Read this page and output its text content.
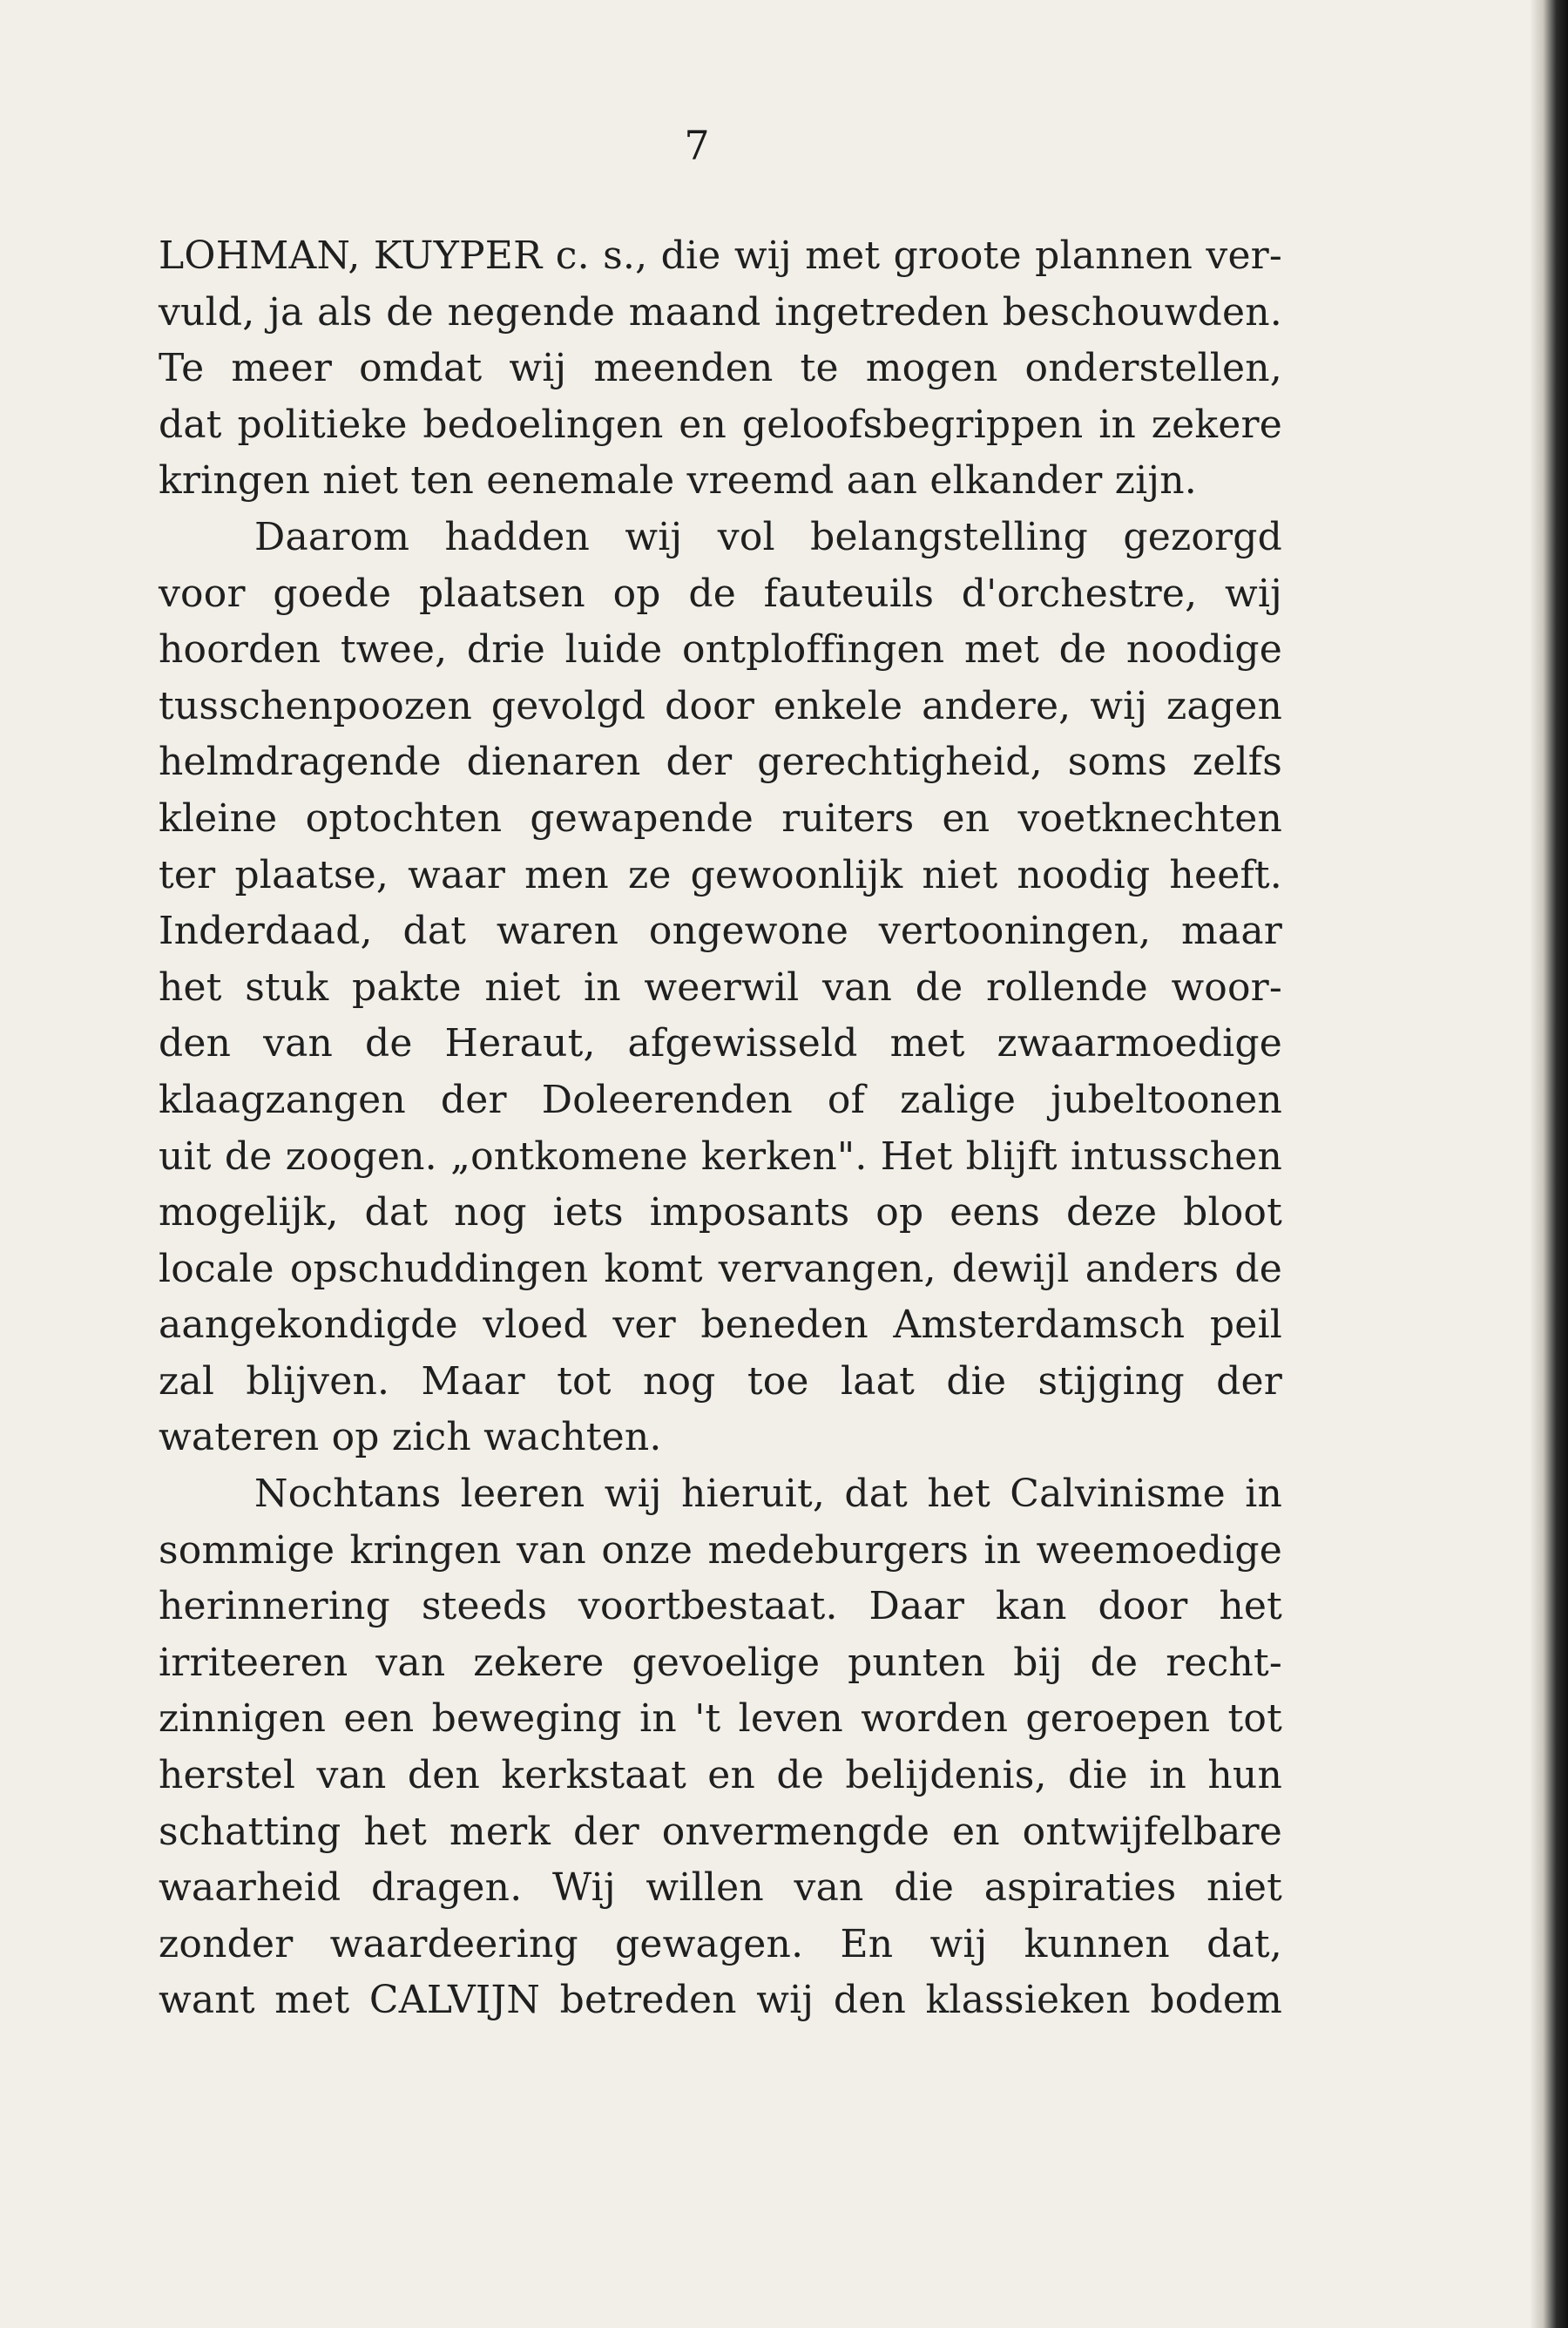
7
LOHMAN, KUYPER c. s., die wij met groote plannen ver-
vuld, ja als de negende maand ingetreden beschouwden.
Te meer omdat wij meenden te mogen onderstellen,
dat politieke bedoelingen en geloofsbegrippen in zekere
kringen niet ten eenemale vreemd aan elkander zijn.
Daarom hadden wij vol belangstelling gezorgd
voor goede plaatsen op de fauteuils d'orchestre, wij
hoorden twee, drie luide ontploffingen met de noodige
tusschenpoozen gevolgd door enkele andere, wij zagen
helmdragende dienaren der gerechtigheid, soms zelfs
kleine optochten gewapende ruiters en voetknechten
ter plaatse, waar men ze gewoonlijk niet noodig heeft.
Inderdaad, dat waren ongewone vertooningen, maar
het stuk pakte niet in weerwil van de rollende woor-
den van de Heraut, afgewisseld met zwaarmoedige
klaagzangen der Doleerenden of zalige jubeltoonen
uit de zoogen. „ontkomene kerken". Het blijft intusschen
mogelijk, dat nog iets imposants op eens deze bloot
locale opschuddingen komt vervangen, dewijl anders de
aangekondigde vloed ver beneden Amsterdamsch peil
zal blijven. Maar tot nog toe laat die stijging der
wateren op zich wachten.
Nochtans leeren wij hieruit, dat het Calvinisme in
sommige kringen van onze medeburgers in weemoedige
herinnering steeds voortbestaat. Daar kan door het
irriteeren van zekere gevoelige punten bij de recht-
zinnigen een beweging in 't leven worden geroepen tot
herstel van den kerkstaat en de belijdenis, die in hun
schatting het merk der onvermengde en ontwijfelbare
waarheid dragen. Wij willen van die aspiraties niet
zonder waardeering gewagen. En wij kunnen dat,
want met CALVIJN betreden wij den klassieken bodem
